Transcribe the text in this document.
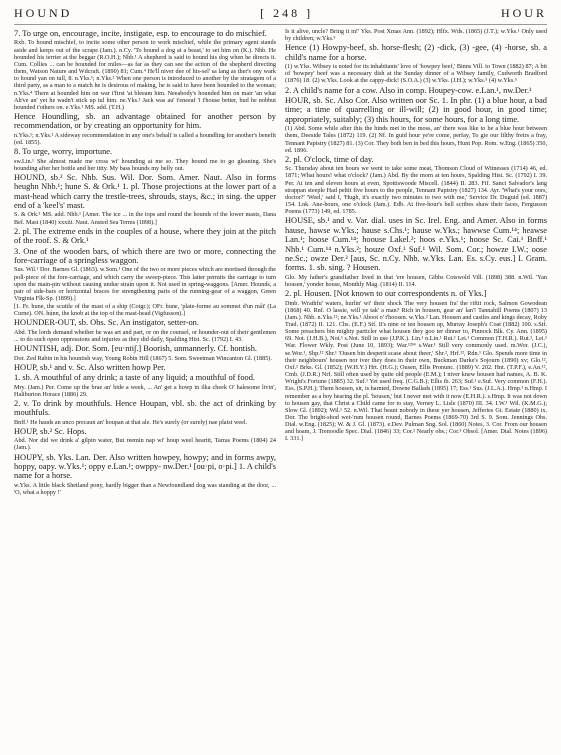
HOUND	[ 248 ]	HOUR

7. To urge on, encourage, incite, instigate, esp. to encourage to do mischief.

Rxb. To hound mischief, to incite some other person to work mischief, while the primary agent stands aside and keeps out of the scrape (Jam.). n.Cy. 'To hound a dog at a beast,' to set him on (K.). Nhb. He hounded his terrier at the beggar (R.O.H.); Nhb.¹ A shepherd is said to hound his dog when he directs it. Cum. Collies ... can be hounded for miles—as far as they can see the action of the shepherd directing them, Watson Nature and Wdcraft. (1890) 81; Cum.⁴ He'll niver dee of his-sel' sa lang as ther's ony wark to hound yan on tull, 8. n.Yks.¹; n.Yks.² When one person is introduced to another by the stratagem of a third party, as a man to a match he is desirous of making, he is said to have been hounded to the woman; n.Yks.⁴ Them at hounded him on war t'first 'at bleeam him. Neeabody's hounded him on mair 'an what Ah've an' yet he wadn't stick up tul him. ne.Yks.¹ Jack was au' t'eneeaf 'i t'house better, bud he nobbut hounded t'others on. e.Yks.¹ MS. add. (T.H.)

Hence Houndling, sb. an advantage obtained for another person by recommendation, or by creating an opportunity for him.

n.Yks.¹; n.Yks.² A sideway recommendation in any one's behalf is called a houndling for another's benefit (ed. 1855).

8. To urge, worry, importune.

sw.Lin.¹ She almost made me cross wi' hounding at me so. They hound me to go gleaning. She's hounding after her bottle and her titty. My bass hounds my belly out.

HOUND, sb.² Sc. Nhb. Sus. Wil. Dor. Som. Amer. Naut. Also in forms heughn Nhb.¹; hune S. & Ork.¹ 1. pl. Those projections at the lower part of a mast-head which carry the trestle-trees, shrouds, stays, &c.; in sing. the upper end of a 'keel's' mast.

S. & Ork.¹ MS. add. Nhb.¹ [Amer. The ice ... in the tops and round the hounds of the lower masts, Dana Bef. Mast (1840) xxxiii. Naut. Ansted Sea Terms (1898).]

2. pl. The extreme ends in the couples of a house, where they join at the pitch of the roof. S. & Ork.¹

3. One of the wooden bars, of which there are two or more, connecting the fore-carriage of a springless waggon.

Sus. Wil.¹ Dor. Barnes Gl. (1863). w.Som.¹ One of the two or more pieces which are mortised through the poll-piece of the fore-carriage, and which carry the sweep-piece. This latter permits the carriage to turn upon the main-pin without causing undue strain upon it. Not used in spring-waggons. [Amer. Hounds, a pair of side-bars or horizontal braces for strengthening parts of the running-gear of a waggon, Green Virginia Flk-Sp. (1899).]

[1. Fr. hune, the scuttle of the mast of a ship (Cotgr.); OFr. hune, 'plate-forme au sommet d'un mât' (La Curne). ON. húnn, the knob at the top of the mast-head (Vigfusson).]

HOUNDER-OUT, sb. Obs. Sc. An instigator, setter-on.

Abd. The lords demand whether he was art and part, or on the counsel, or hounder-out of their gentlemen ... to do such open oppressions and injuries as they did daily, Spalding Hist. Sc. (1792) I. 43.

HOUNTISH, adj. Dor. Som. [eu·nti∫.] Boorish, unmannerly. Cf. hontish.

Dor. Zed Rabin in his hountish way, Young Robin Hill (1867) 5. Som. Sweetman Wincanton Gl. (1885).

HOUP, sb.¹ and v. Sc. Also written howp Per.

1. sb. A mouthful of any drink; a taste of any liquid; a mouthful of food.

Mry. (Jam.) Per. Come up the brae an' bide a week, ... An' get a howp in ilka cheek O' halesome livin', Haliburton Horace (1886) 29.

2. v. To drink by mouthfuls. Hence Houpan, vbl. sb. the act of drinking by mouthfuls.

Bnff.¹ He hauds an unco precaun an' houpan at that ale. He's surely (or surely) nae plaist weel.

HOUP, sb.² Sc. Hops.

Abd. Nor did we drink a' gilpin water, But reemin nap wi' houp weel heartit, Tarras Poems (1804) 24 (Jam.).

HOUPY, sb. Yks. Lan. Der. Also written howpey, howpy; and in forms awpy, hoppy, oapy. w.Yks.¹; oppy e.Lan.¹; owppy- nw.Der.¹ [ou·pi, o·pi.] 1. A child's name for a horse.

w.Yks. A little black Shetland pony, hardly bigger than a Newfoundland dog was standing at the door, ... 'O, what a hoppy !'

Is it alive, uncle? Bring it in!' Yks. Post Xmas Ann. (1892); Hlfx. Wds. (1865) (J.T.); w.Yks.¹ Only used by children; w.Yks.⁵

Hence (1) Howpy-beef, sb. horse-flesh; (2) -dick, (3) -gee, (4) -horse, sb. a child's name for a horse.

(1) w.Yks. Wibsey is noted for its inhabitants' love of 'howpey beef,' Binns Vill. to Town (1882) 87; A bit of 'howpey' beef was a necessary dish at the Sunday dinner of a Wibsey family, Cudworth Bradford (1876) 18. (2) w.Yks. Look at the cappy-dick! (S.O.A.) (3) w.Yks. (J.H.); w.Yks.⁵ (4) w.Yks.⁵

2. A child's name for a cow. Also in comp. Houpey-cow. e.Lan.¹, nw.Der.¹

HOUR, sb. Sc. Also Cor. Also written oor Sc. 1. In phr. (1) a blue hour, a bad time; a time of quarrelling or ill-will; (2) in good hour, in good time; appropriately, suitably; (3) this hours, for some hours, for a long time.

(1) Abd. Some while after this the hinds met in the moss, an' there was like to be a blue hour between them, Deeside Tales (1872) 119. (2) Nf. In guid hour ye're come, perfay, To gie our filthy freirs a fray, Tennant Papistry (1827) 81. (3) Cor. They both ben in bed this hours, Hunt Pop. Rom. w.Eng. (1865) 350, ed. 1896.

2. pl. O'clock, time of day.

Sc. Thursday about ten hours we went to take some meat, Thomson Cloud of Witnesses (1714) 46, ed. 1871; What hours! what o'clock? (Jam.) Abd. By the morn at ten hours, Spalding Hist. Sc. (1792) I. 39. Per. At ten and eleven hours at even, Spottiswoode Miscell. (1844) II. 283. Fif. Sanct Salvador's lang strappan steeple Had peltit five hours to the people, Tennant Papistry (1827) 134. Ayr. 'What's your oors, doctor?' 'Weel,' said I, 'Hugh, it's exactly two minutes to two with me,' Service Dr. Duguid (ed. 1887) 154. Lnk. Ane-hours, one o'clock (Jam.). Edb. At five-hour's bell scribes shaw their faces, Fergusson Poems (1773) 149, ed. 1785.

HOUSE, sb.¹ and v. Var. dial. uses in Sc. Irel. Eng. and Amer. Also in forms hause, hawse w.Yks.; hause s.Chs.¹; hause w.Yks.; hawwse Cum.¹⁴; heawse Lan.¹; hoose Cum.¹⁴; hoouse Lakel.²; hoos e.Yks.¹; hoose Sc. Cai.¹ Bnff.¹ Nhb.¹ Cum.¹⁴ n.Yks.²; houze Oxf.¹ Suf.¹ Wil. Som. Cor.; howze I.W.; oose ne.Sc.; owze Der.² [aus, Sc. n.Cy. Nhb. w.Yks. Lan. Es. s.Cy. eus.] I. Gram. forms. 1. sb. sing. ? Housen.

Glo. My father's grandfather lived in that 'ere housen, Gibbs Cotswold Vill. (1898) 388. n.Wil. 'Yan housen,' yonder house, Monthly Mag. (1814) II. 114.

2. pl. Housen. [Not known to our correspondents n. of Yks.]

Dmb. Wrathfu' waters, hurlin' wi' their shock The very housen fra' the riftit rock, Salmon Gowodean (1868) 40. Rnf. O lassie, will ye tak' a man? Rich in housen, gear an' lan'! Tannahill Poems (1807) 13 (Jam.). Nhb. n.Yks.¹²; ne.Yks.¹ Aboot o' t'hoosen. w.Yks.² Lan. Housen and castles and kings decay, Roby Trad. (1872) II. 121. Chs. (E.F.) Stf. It's nine or ten housen up, Murray Joseph's Coat (1882) 100. s.Stf. Some preachers bin mighty particler what housen they goo ter dinner to, Pinnock Blk. Cy. Ann. (1895) 69. Not. (J.H.B.), Not.¹ s.Not. Still in use (J.P.K.). Lin.¹ n.Lin.¹ Rut.¹ Lei.¹ Common (T.H.R.). Rut.¹, Lei.¹ War. Flower Wkly. Post (June 10, 1893); War.¹²³⁴ s.War.¹ Still very commonly used. m.Wor. (J.C.), se.Wor.¹, Shp.¹² Shr.¹ 'Ousen bin desperit scase about theer,' Shr.², Hrf.¹², Rdn.¹ Glo. Spends more time in their neighbours' housen nor iver they does in their own, Buckman Darke's Sojourn (1890) xv; Glo.¹², Oxf.¹ Brks. Gl. (1852); (W.H.Y.) Hrt. (H.G.); Ousen, Ellis Pronunc. (1889) V. 202. Hnt. (T.P.F.), e.An.¹², Cmb. (J.D.R.) Nrf. Still often used by quite old people (E.M.); I niver knew housen had names, A. B. K. Wright's Fortune (1885) 32. Suf.¹ Yet used freq. (C.G.B.); Ellis ib. 263; Suf.¹ e.Suf. Very common (F.H.). Ess. (S.P.H.); Them housen, sir, is harnted, Downe Ballads (1895) 17; Ess.¹ Sus. (J.L.A.). Hmp.¹ n.Hmp. I remember as a boy hearing the pl. 'housen,' but I never met with it now (E.H.R.). s.Hmp. It was not down to housen gay, that Christ a Child came for to stay, Verney L. Lisle (1870) III. 34. I.W.¹ Wil. (K.M.G.); Slow Gl. (1892); Wil.¹ 52. n.Wil. That beant nobody in these yer housen, Jefferies Gt. Estate (1880) ix. Dor. The bright-shod wet-'rum housen round, Barnes Poems (1869-70) 3rd S. 9. Som. Jennings Obs. Dial. w.Eng. (1825); W. & J. Gl. (1873). e.Dev. Pulman Sng. Sol. (1860) Notes, 3. Cor. From our housen and hoam, J. Trenoodle Spec. Dial. (1846) 33; Cor.² Nearly obs.; Cor.³ Obsol. [Amer. Dial. Notes (1896) I. 331.]
